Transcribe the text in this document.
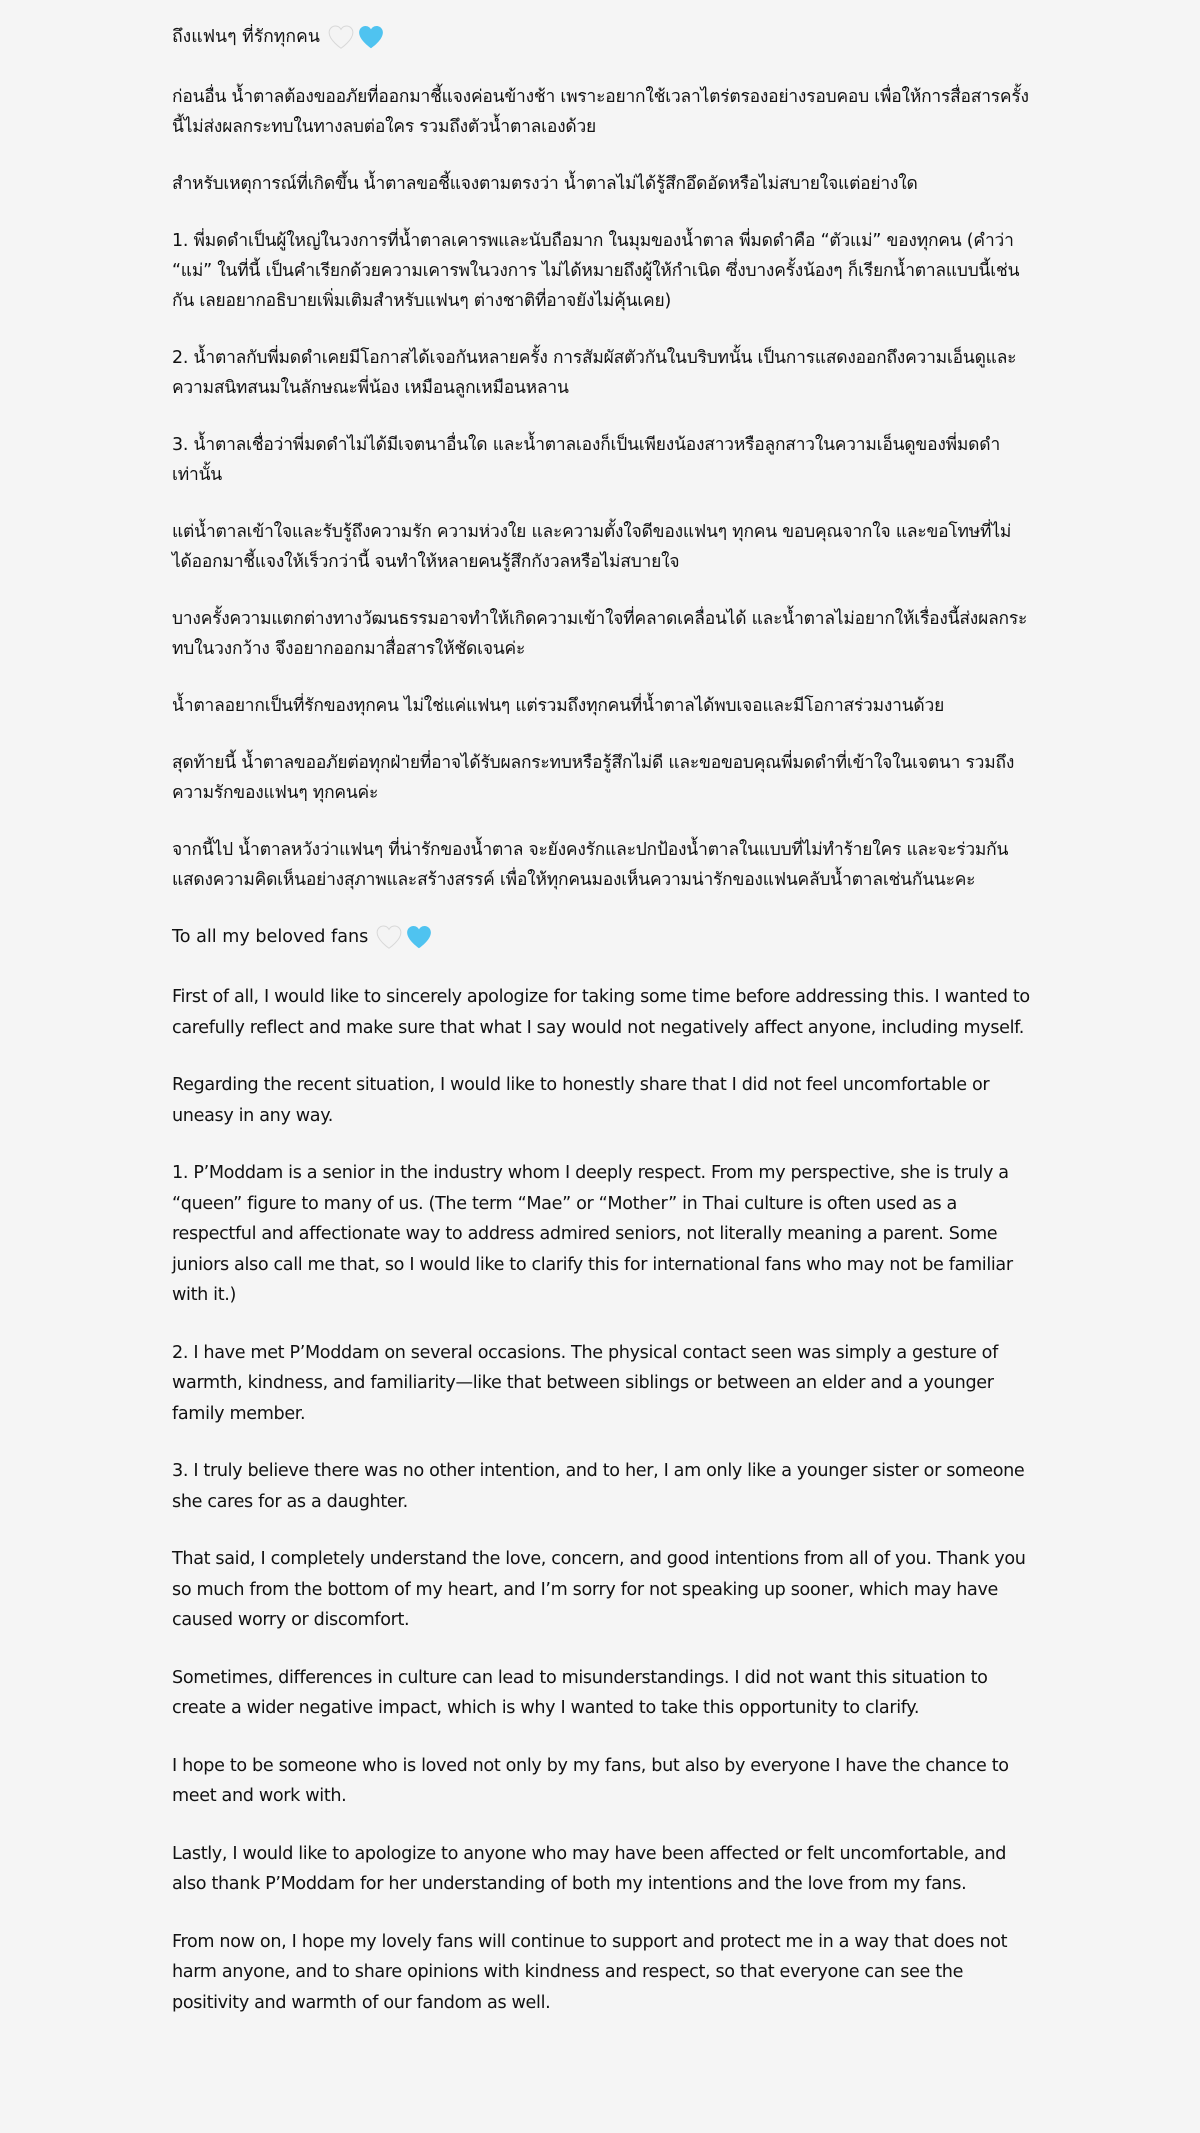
ถึงแฟนๆ ที่รักทุกคน

ก่อนอื่น น้ำตาลต้องขออภัยที่ออกมาชี้แจงค่อนข้างช้า เพราะอยากใช้เวลาไตร่ตรองอย่างรอบคอบ เพื่อให้การสื่อสารครั้งนี้ไม่ส่งผลกระทบในทางลบต่อใคร รวมถึงตัวน้ำตาลเองด้วย

สำหรับเหตุการณ์ที่เกิดขึ้น น้ำตาลขอชี้แจงตามตรงว่า น้ำตาลไม่ได้รู้สึกอึดอัดหรือไม่สบายใจแต่อย่างใด

1. พี่มดดำเป็นผู้ใหญ่ในวงการที่น้ำตาลเคารพและนับถือมาก ในมุมของน้ำตาล พี่มดดำคือ “ตัวแม่” ของทุกคน (คำว่า “แม่” ในที่นี้ เป็นคำเรียกด้วยความเคารพในวงการ ไม่ได้หมายถึงผู้ให้กำเนิด ซึ่งบางครั้งน้องๆ ก็เรียกน้ำตาลแบบนี้เช่นกัน เลยอยากอธิบายเพิ่มเติมสำหรับแฟนๆ ต่างชาติที่อาจยังไม่คุ้นเคย)

2. น้ำตาลกับพี่มดดำเคยมีโอกาสได้เจอกันหลายครั้ง การสัมผัสตัวกันในบริบทนั้น เป็นการแสดงออกถึงความเอ็นดูและความสนิทสนมในลักษณะพี่น้อง เหมือนลูกเหมือนหลาน

3. น้ำตาลเชื่อว่าพี่มดดำไม่ได้มีเจตนาอื่นใด และน้ำตาลเองก็เป็นเพียงน้องสาวหรือลูกสาวในความเอ็นดูของพี่มดดำเท่านั้น

แต่น้ำตาลเข้าใจและรับรู้ถึงความรัก ความห่วงใย และความตั้งใจดีของแฟนๆ ทุกคน ขอบคุณจากใจ และขอโทษที่ไม่ได้ออกมาชี้แจงให้เร็วกว่านี้ จนทำให้หลายคนรู้สึกกังวลหรือไม่สบายใจ

บางครั้งความแตกต่างทางวัฒนธรรมอาจทำให้เกิดความเข้าใจที่คลาดเคลื่อนได้ และน้ำตาลไม่อยากให้เรื่องนี้ส่งผลกระทบในวงกว้าง จึงอยากออกมาสื่อสารให้ชัดเจนค่ะ

น้ำตาลอยากเป็นที่รักของทุกคน ไม่ใช่แค่แฟนๆ แต่รวมถึงทุกคนที่น้ำตาลได้พบเจอและมีโอกาสร่วมงานด้วย

สุดท้ายนี้ น้ำตาลขออภัยต่อทุกฝ่ายที่อาจได้รับผลกระทบหรือรู้สึกไม่ดี และขอขอบคุณพี่มดดำที่เข้าใจในเจตนา รวมถึงความรักของแฟนๆ ทุกคนค่ะ

จากนี้ไป น้ำตาลหวังว่าแฟนๆ ที่น่ารักของน้ำตาล จะยังคงรักและปกป้องน้ำตาลในแบบที่ไม่ทำร้ายใคร และจะร่วมกันแสดงความคิดเห็นอย่างสุภาพและสร้างสรรค์ เพื่อให้ทุกคนมองเห็นความน่ารักของแฟนคลับน้ำตาลเช่นกันนะคะ

To all my beloved fans

First of all, I would like to sincerely apologize for taking some time before addressing this. I wanted to carefully reflect and make sure that what I say would not negatively affect anyone, including myself.

Regarding the recent situation, I would like to honestly share that I did not feel uncomfortable or uneasy in any way.

1. P’Moddam is a senior in the industry whom I deeply respect. From my perspective, she is truly a “queen” figure to many of us. (The term “Mae” or “Mother” in Thai culture is often used as a respectful and affectionate way to address admired seniors, not literally meaning a parent. Some juniors also call me that, so I would like to clarify this for international fans who may not be familiar with it.)

2. I have met P’Moddam on several occasions. The physical contact seen was simply a gesture of warmth, kindness, and familiarity—like that between siblings or between an elder and a younger family member.

3. I truly believe there was no other intention, and to her, I am only like a younger sister or someone she cares for as a daughter.

That said, I completely understand the love, concern, and good intentions from all of you. Thank you so much from the bottom of my heart, and I’m sorry for not speaking up sooner, which may have caused worry or discomfort.

Sometimes, differences in culture can lead to misunderstandings. I did not want this situation to create a wider negative impact, which is why I wanted to take this opportunity to clarify.

I hope to be someone who is loved not only by my fans, but also by everyone I have the chance to meet and work with.

Lastly, I would like to apologize to anyone who may have been affected or felt uncomfortable, and also thank P’Moddam for her understanding of both my intentions and the love from my fans.

From now on, I hope my lovely fans will continue to support and protect me in a way that does not harm anyone, and to share opinions with kindness and respect, so that everyone can see the positivity and warmth of our fandom as well.
